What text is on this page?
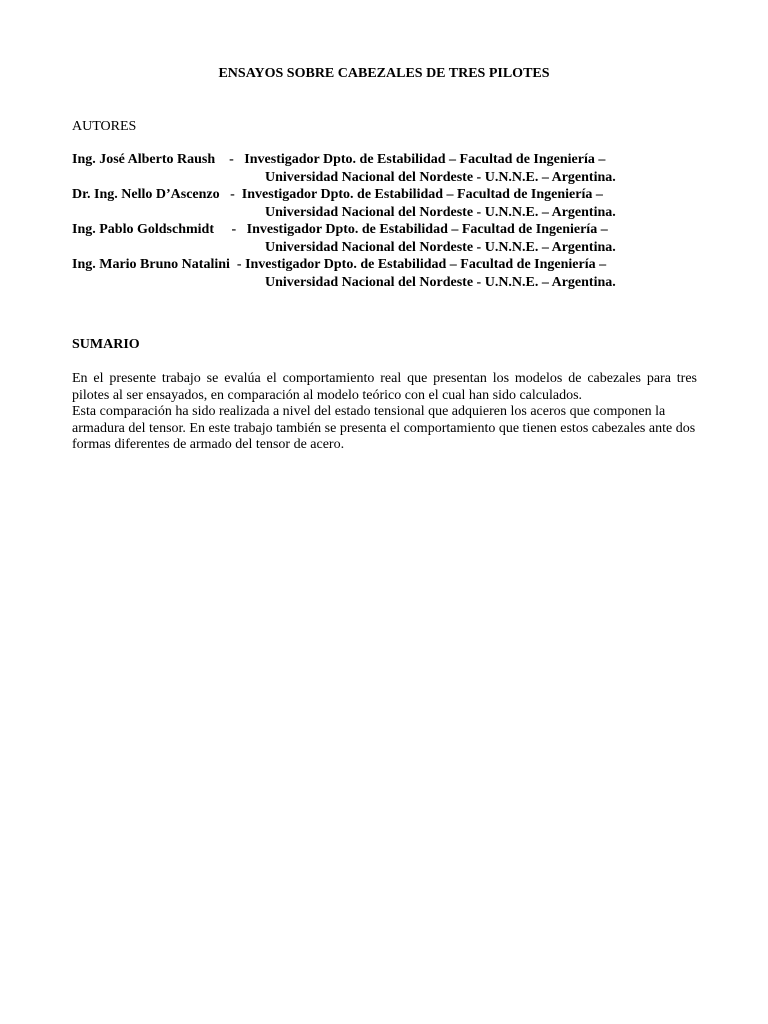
ENSAYOS SOBRE CABEZALES DE TRES PILOTES
AUTORES
Ing. José Alberto Raush    -   Investigador Dpto. de Estabilidad – Facultad de Ingeniería –
Universidad Nacional del Nordeste - U.N.N.E. – Argentina.
Dr. Ing. Nello D’Ascenzo   -  Investigador Dpto. de Estabilidad – Facultad de Ingeniería –
Universidad Nacional del Nordeste - U.N.N.E. – Argentina.
Ing. Pablo Goldschmidt     -   Investigador Dpto. de Estabilidad – Facultad de Ingeniería –
Universidad Nacional del Nordeste - U.N.N.E. – Argentina.
Ing. Mario Bruno Natalini  - Investigador Dpto. de Estabilidad – Facultad de Ingeniería –
Universidad Nacional del Nordeste - U.N.N.E. – Argentina.
SUMARIO

En el presente trabajo se evalúa el comportamiento real que presentan los modelos de cabezales para tres pilotes al ser ensayados, en comparación al modelo teórico con el cual han sido calculados.

Esta comparación ha sido realizada a nivel del estado tensional que adquieren los aceros que componen la armadura del tensor. En este trabajo también se presenta el comportamiento que tienen estos cabezales ante dos formas diferentes de armado del tensor de acero.
